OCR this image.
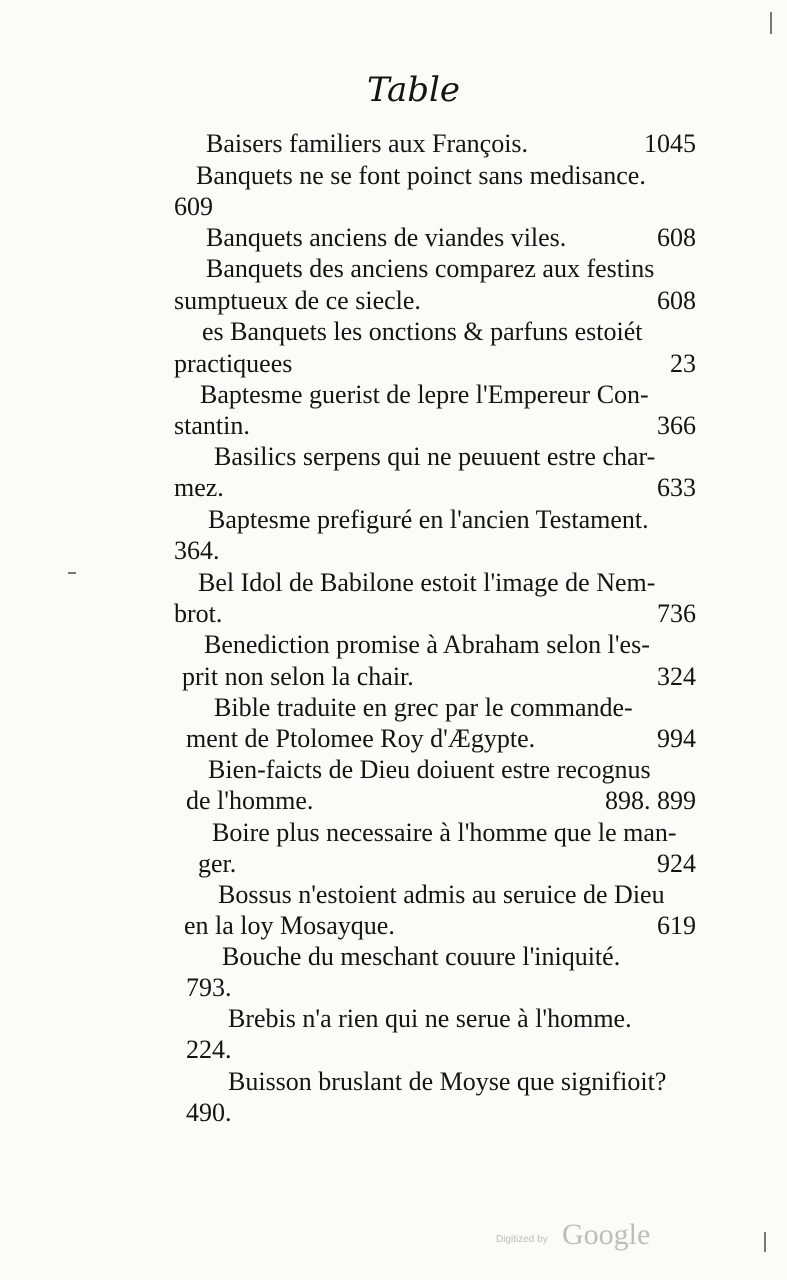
Table
Baisers familiers aux François.	1045
Banquets ne se font poinct sans medisance.
609
Banquets anciens de viandes viles.	608
Banquets des anciens comparez aux festins
sumptueux de ce siecle.	608
es Banquets les onctions & parfuns estoiét
practiquees	23
Baptesme guerist de lepre l'Empereur Con-
stantin.	366
Basilics serpens qui ne peuuent estre char-
mez.	633
Baptesme prefiguré en l'ancien Testament.
364.
Bel Idol de Babilone estoit l'image de Nem-
brot.	736
Benediction promise à Abraham selon l'es-
prit non selon la chair.	324
Bible traduite en grec par le commande-
ment de Ptolomee Roy d'Ægypte.	994
Bien-faicts de Dieu doiuent estre recognus
de l'homme.	898. 899
Boire plus necessaire à l'homme que le man-
ger.	924
Bossus n'estoient admis au seruice de Dieu
en la loy Mosayque.	619
Bouche du meschant couure l'iniquité.
793.
Brebis n'a rien qui ne serue à l'homme.
224.
Buisson bruslant de Moyse que signifioit?
490.
Digitized by Google
